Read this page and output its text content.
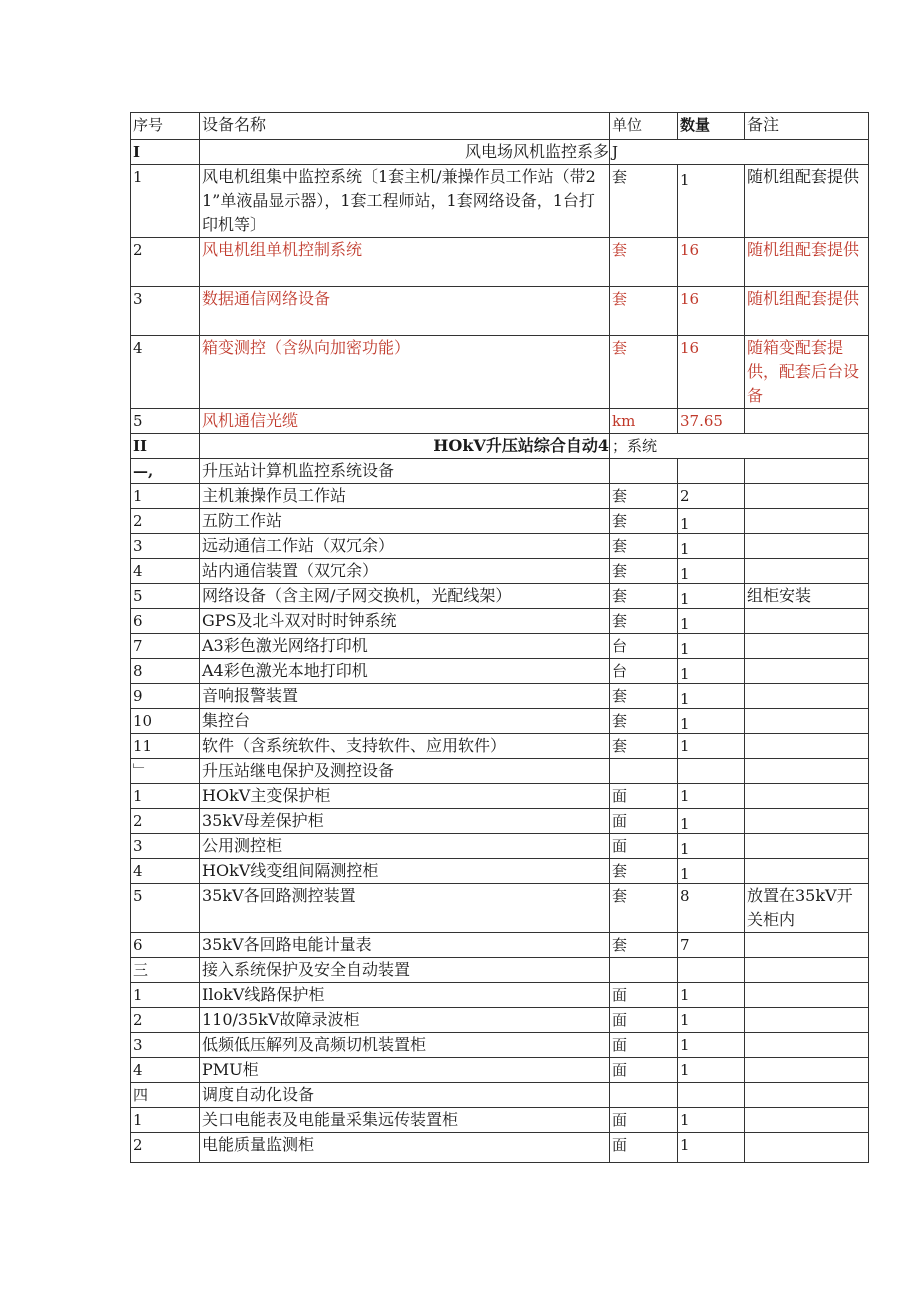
序号	设备名称	单位	数量	备注
I	风电场风机监控系多	J		
1	风电机组集中监控系统〔1套主机/兼操作员工作站（带21”单液晶显示器），1套工程师站，1套网络设备，1台打印机等〕	套	1	随机组配套提供
2	风电机组单机控制系统	套	16	随机组配套提供
3	数据通信网络设备	套	16	随机组配套提供
4	箱变测控（含纵向加密功能）	套	16	随箱变配套提供，配套后台设备
5	风机通信光缆	km	37.65	
II	HOkV升压站综合自动4	；系统		
—,	升压站计算机监控系统设备			
1	主机兼操作员工作站	套	2	
2	五防工作站	套	1	

3	远动通信工作站（双冗余）	套	1	

4	站内通信装置（双冗余）	套	1	

5	网络设备（含主网/子网交换机，光配线架）	套	1	组柜安装
6	GPS及北斗双对时时钟系统	套	1	

7	A3彩色激光网络打印机	台	1	

8	A4彩色激光本地打印机	台	1	

9	音响报警装置	套	1	

10	集控台	套	1	

11	软件（含系统软件、支持软件、应用软件）	套	1	
﹂	升压站继电保护及测控设备			
1	HOkV主变保护柜	面	1	
2	35kV母差保护柜	面	1	

3	公用测控柜	面	1	

4	HOkV线变组间隔测控柜	套	1	

5	35kV各回路测控装置	套	8	放置在35kV开关柜内
6	35kV各回路电能计量表	套	7	
三	接入系统保护及安全自动装置			
1	IlokV线路保护柜	面	1	
2	110/35kV故障录波柜	面	1	
3	低频低压解列及高频切机装置柜	面	1	
4	PMU柜	面	1	
四	调度自动化设备			
1	关口电能表及电能量采集远传装置柜	面	1	
2	电能质量监测柜	面	1	
